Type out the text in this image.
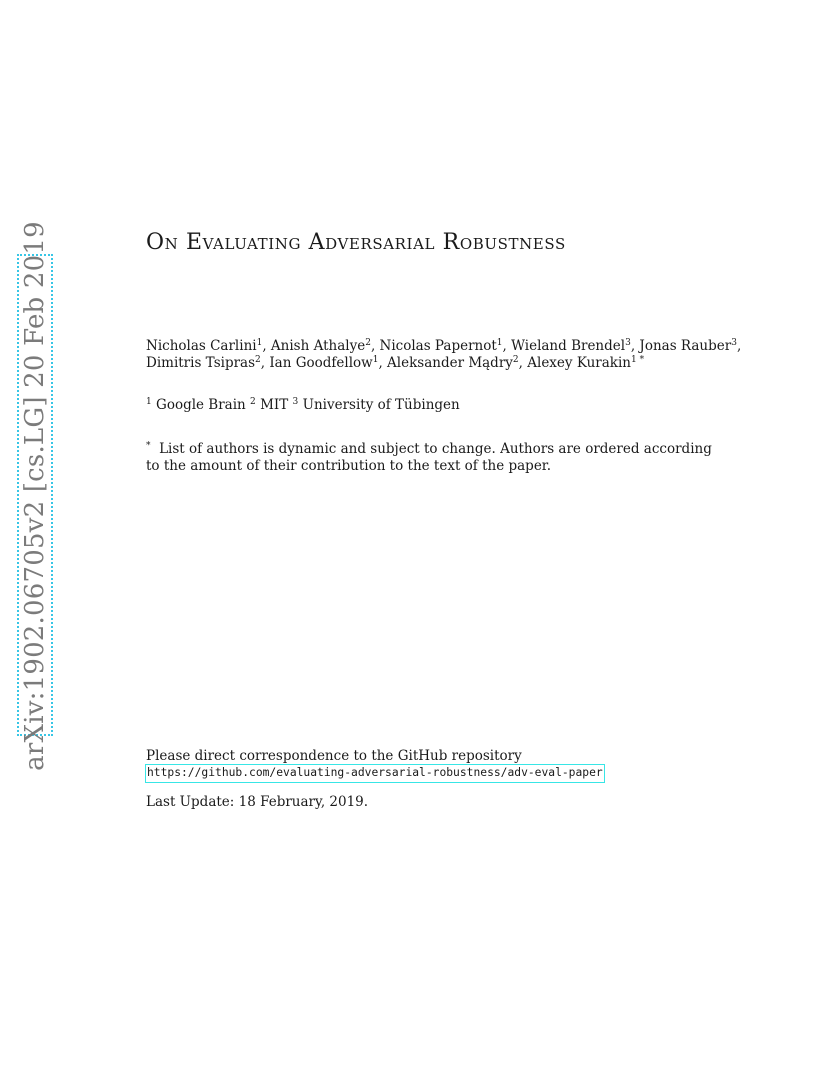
arXiv:1902.06705v2 [cs.LG] 20 Feb 2019	On Evaluating Adversarial Robustness
Nicholas Carlini$^1$, Anish Athalye$^2$, Nicolas Papernot$^1$, Wieland Brendel$^3$, Jonas Rauber$^3$,
Dimitris Tsipras$^2$, Ian Goodfellow$^1$, Aleksander Mądry$^2$, Alexey Kurakin$^{1 *}$
$^1$ Google Brain $^2$ MIT $^3$ University of Tübingen
* List of authors is dynamic and subject to change. Authors are ordered according
to the amount of their contribution to the text of the paper.
Please direct correspondence to the GitHub repository
https://github.com/evaluating-adversarial-robustness/adv-eval-paper
Last Update: 18 February, 2019.
